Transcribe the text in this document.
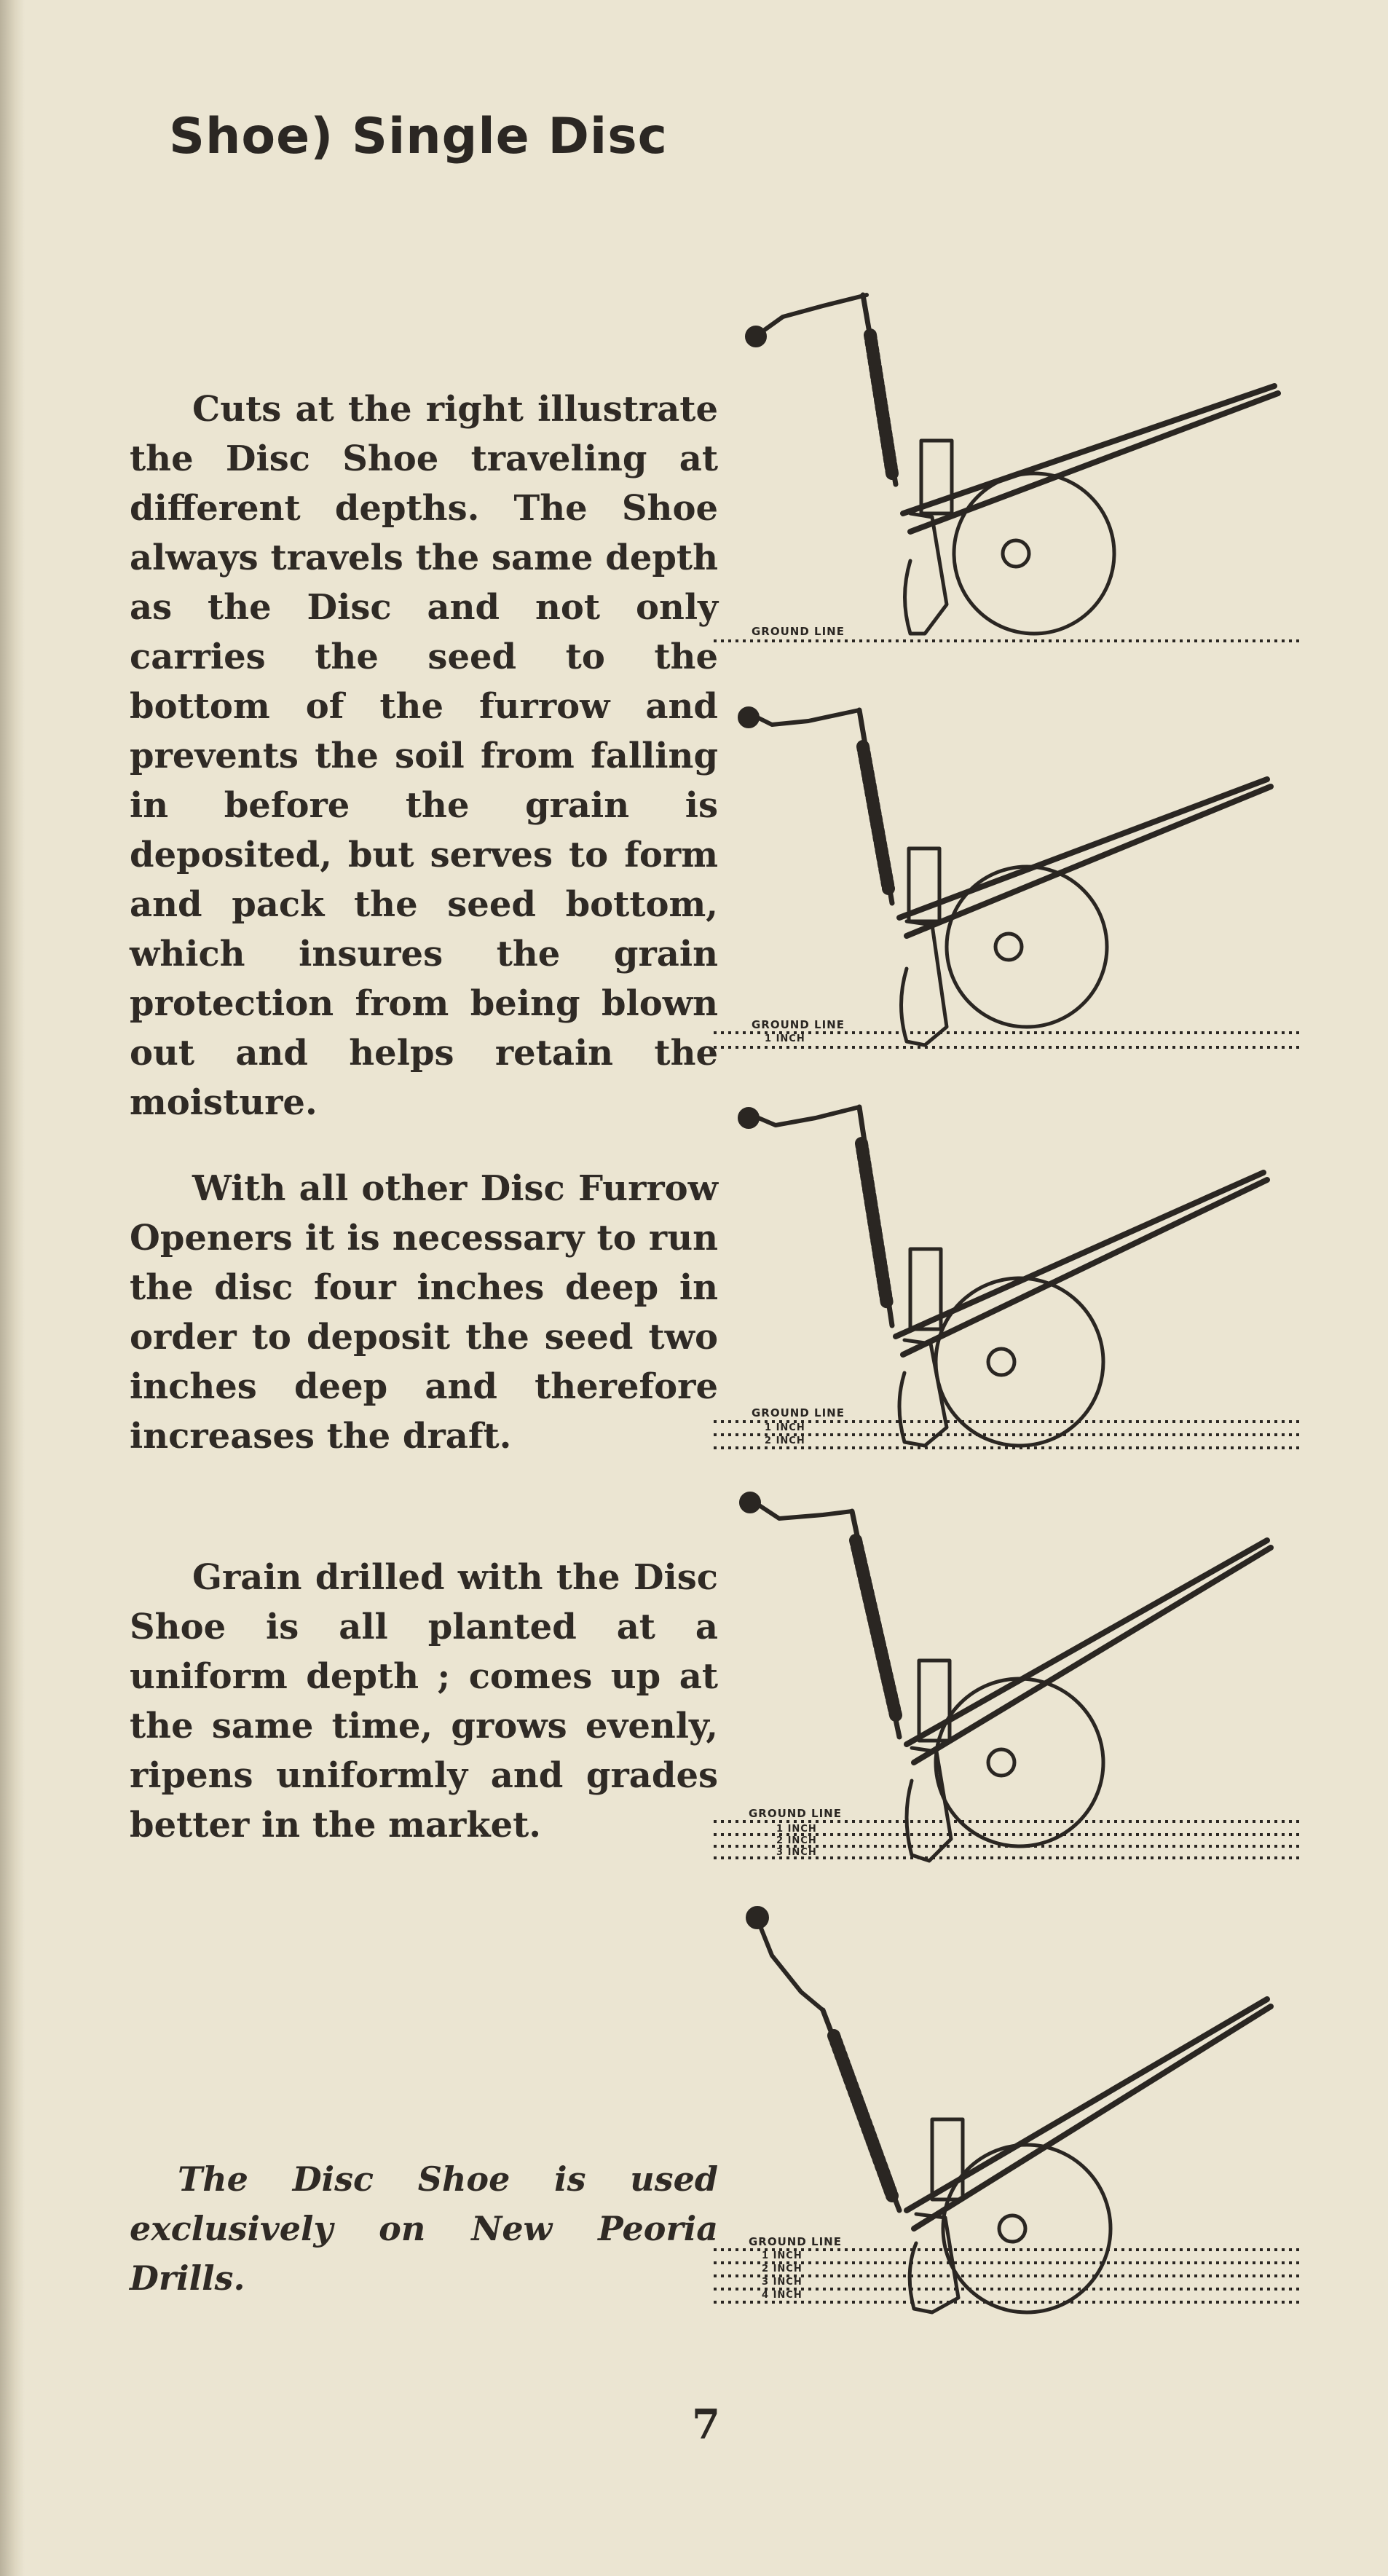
Shoe) Single Disc

Cuts at the right illustrate the Disc Shoe traveling at different depths. The Shoe always travels the same depth as the Disc and not only carries the seed to the bottom of the furrow and prevents the soil from falling in before the grain is deposited, but serves to form and pack the seed bottom, which insures the grain protection from being blown out and helps retain the moisture.

With all other Disc Furrow Openers it is necessary to run the disc four inches deep in order to deposit the seed two inches deep and therefore increases the draft.

Grain drilled with the Disc Shoe is all planted at a uniform depth ; comes up at the same time, grows evenly, ripens uniformly and grades better in the market.

The Disc Shoe is used exclusively on New Peoria Drills.

7

GROUND LINE
GROUND LINE
1 INCH
GROUND LINE
1 INCH
2 INCH
GROUND LINE
1 INCH
2 INCH
3 INCH
GROUND LINE
1 INCH
2 INCH
3 INCH
4 INCH
